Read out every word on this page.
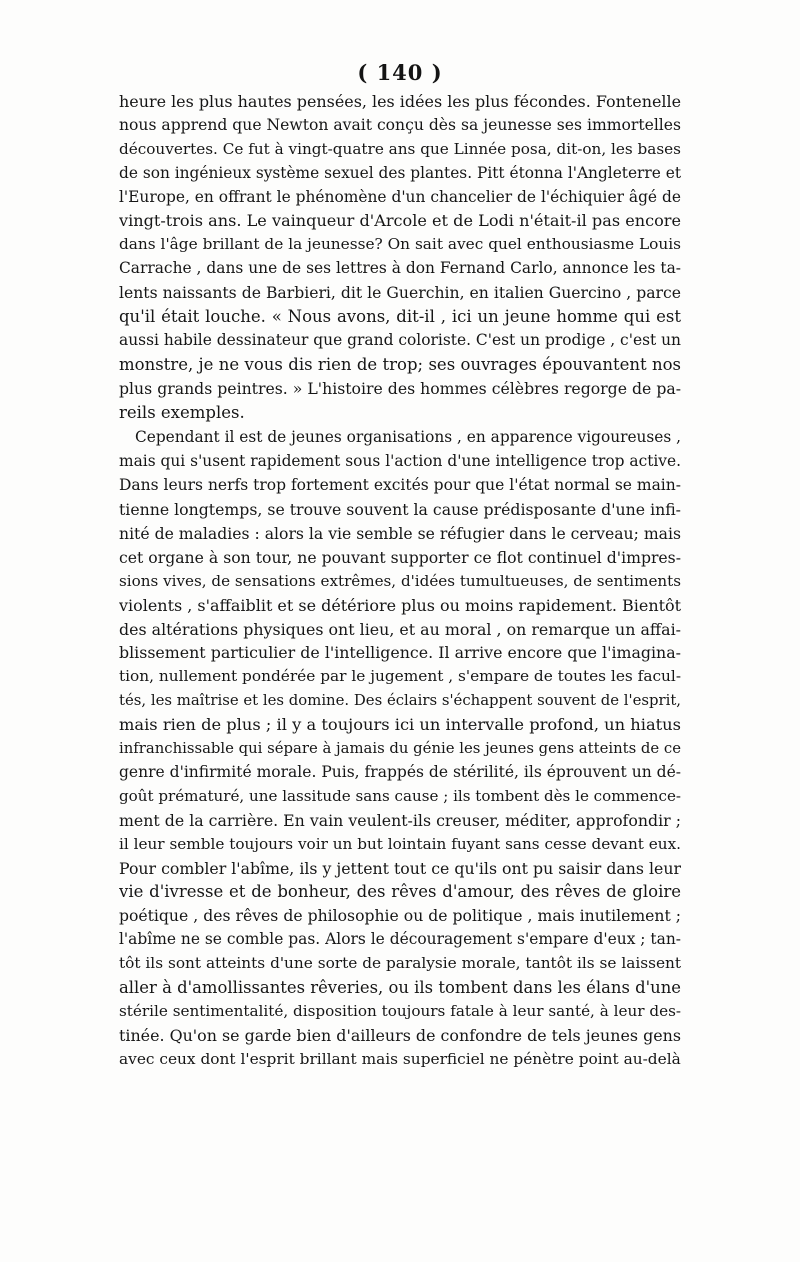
( 140 )
heure les plus hautes pensées, les idées les plus fécondes. Fontenelle
nous apprend que Newton avait conçu dès sa jeunesse ses immortelles
découvertes. Ce fut à vingt-quatre ans que Linnée posa, dit-on, les bases
de son ingénieux système sexuel des plantes. Pitt étonna l'Angleterre et
l'Europe, en offrant le phénomène d'un chancelier de l'échiquier âgé de
vingt-trois ans. Le vainqueur d'Arcole et de Lodi n'était-il pas encore
dans l'âge brillant de la jeunesse? On sait avec quel enthousiasme Louis
Carrache , dans une de ses lettres à don Fernand Carlo, annonce les ta-
lents naissants de Barbieri, dit le Guerchin, en italien Guercino , parce
qu'il était louche. « Nous avons, dit-il , ici un jeune homme qui est
aussi habile dessinateur que grand coloriste. C'est un prodige , c'est un
monstre, je ne vous dis rien de trop; ses ouvrages épouvantent nos
plus grands peintres. » L'histoire des hommes célèbres regorge de pa-
reils exemples.
Cependant il est de jeunes organisations , en apparence vigoureuses ,
mais qui s'usent rapidement sous l'action d'une intelligence trop active.
Dans leurs nerfs trop fortement excités pour que l'état normal se main-
tienne longtemps, se trouve souvent la cause prédisposante d'une infi-
nité de maladies : alors la vie semble se réfugier dans le cerveau; mais
cet organe à son tour, ne pouvant supporter ce flot continuel d'impres-
sions vives, de sensations extrêmes, d'idées tumultueuses, de sentiments
violents , s'affaiblit et se détériore plus ou moins rapidement. Bientôt
des altérations physiques ont lieu, et au moral , on remarque un affai-
blissement particulier de l'intelligence. Il arrive encore que l'imagina-
tion, nullement pondérée par le jugement , s'empare de toutes les facul-
tés, les maîtrise et les domine. Des éclairs s'échappent souvent de l'esprit,
mais rien de plus ; il y a toujours ici un intervalle profond, un hiatus
infranchissable qui sépare à jamais du génie les jeunes gens atteints de ce
genre d'infirmité morale. Puis, frappés de stérilité, ils éprouvent un dé-
goût prématuré, une lassitude sans cause ; ils tombent dès le commence-
ment de la carrière. En vain veulent-ils creuser, méditer, approfondir ;
il leur semble toujours voir un but lointain fuyant sans cesse devant eux.
Pour combler l'abîme, ils y jettent tout ce qu'ils ont pu saisir dans leur
vie d'ivresse et de bonheur, des rêves d'amour, des rêves de gloire
poétique , des rêves de philosophie ou de politique , mais inutilement ;
l'abîme ne se comble pas. Alors le découragement s'empare d'eux ; tan-
tôt ils sont atteints d'une sorte de paralysie morale, tantôt ils se laissent
aller à d'amollissantes rêveries, ou ils tombent dans les élans d'une
stérile sentimentalité, disposition toujours fatale à leur santé, à leur des-
tinée. Qu'on se garde bien d'ailleurs de confondre de tels jeunes gens
avec ceux dont l'esprit brillant mais superficiel ne pénètre point au-delà
